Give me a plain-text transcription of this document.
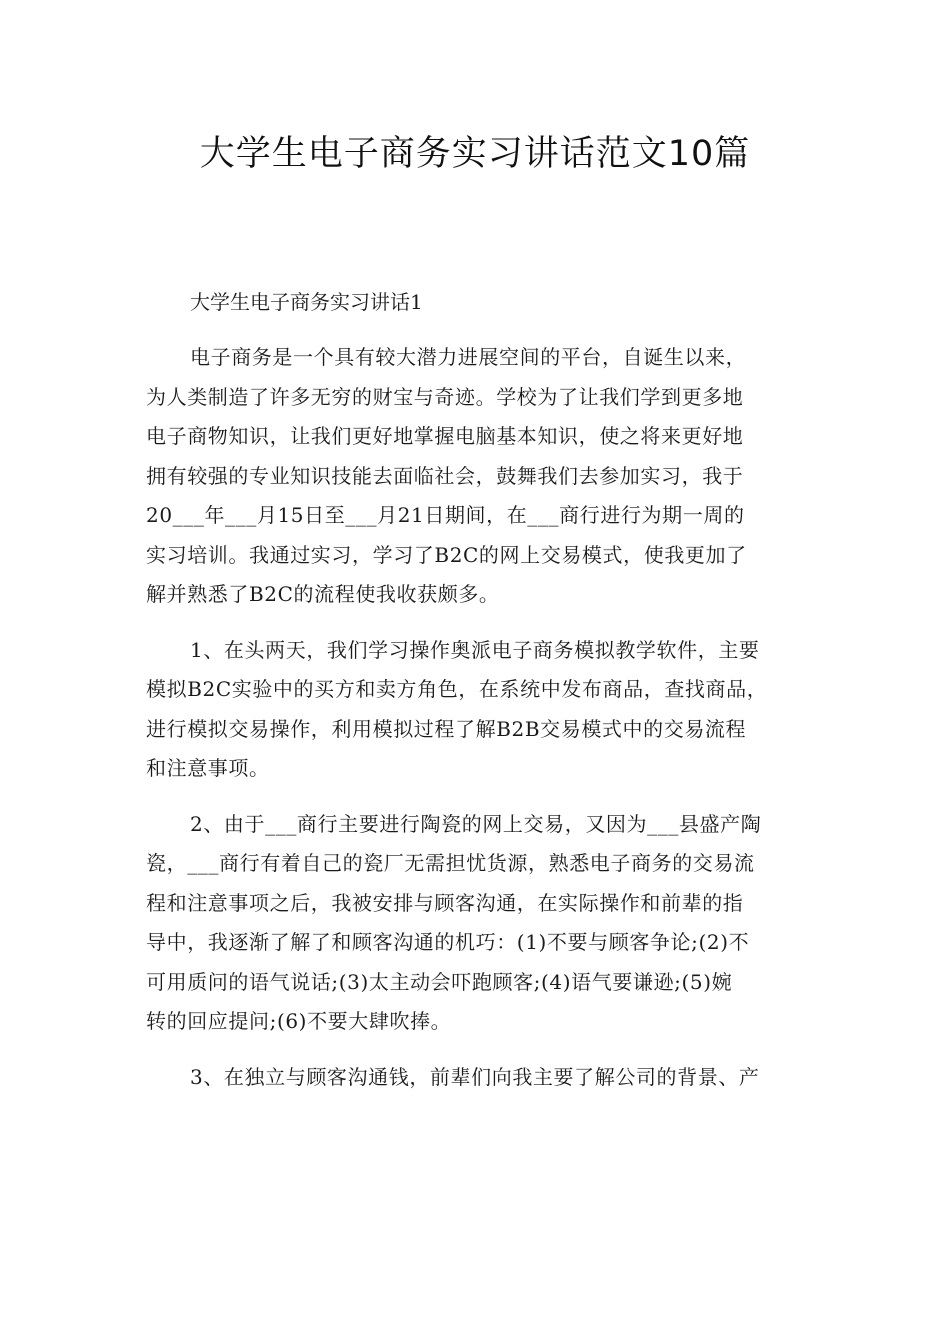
大学生电子商务实习讲话范文10篇
大学生电子商务实习讲话1
电子商务是一个具有较大潜力进展空间的平台，自诞生以来，
为人类制造了许多无穷的财宝与奇迹。学校为了让我们学到更多地
电子商物知识，让我们更好地掌握电脑基本知识，使之将来更好地
拥有较强的专业知识技能去面临社会，鼓舞我们去参加实习，我于
20___年___月15日至___月21日期间，在___商行进行为期一周的
实习培训。我通过实习，学习了B2C的网上交易模式，使我更加了
解并熟悉了B2C的流程使我收获颇多。
1、在头两天，我们学习操作奥派电子商务模拟教学软件，主要
模拟B2C实验中的买方和卖方角色，在系统中发布商品，查找商品，
进行模拟交易操作，利用模拟过程了解B2B交易模式中的交易流程
和注意事项。
2、由于___商行主要进行陶瓷的网上交易，又因为___县盛产陶
瓷，___商行有着自己的瓷厂无需担忧货源，熟悉电子商务的交易流
程和注意事项之后，我被安排与顾客沟通，在实际操作和前辈的指
导中，我逐渐了解了和顾客沟通的机巧：(1)不要与顾客争论;(2)不
可用质问的语气说话;(3)太主动会吓跑顾客;(4)语气要谦逊;(5)婉
转的回应提问;(6)不要大肆吹捧。
3、在独立与顾客沟通钱，前辈们向我主要了解公司的背景、产
